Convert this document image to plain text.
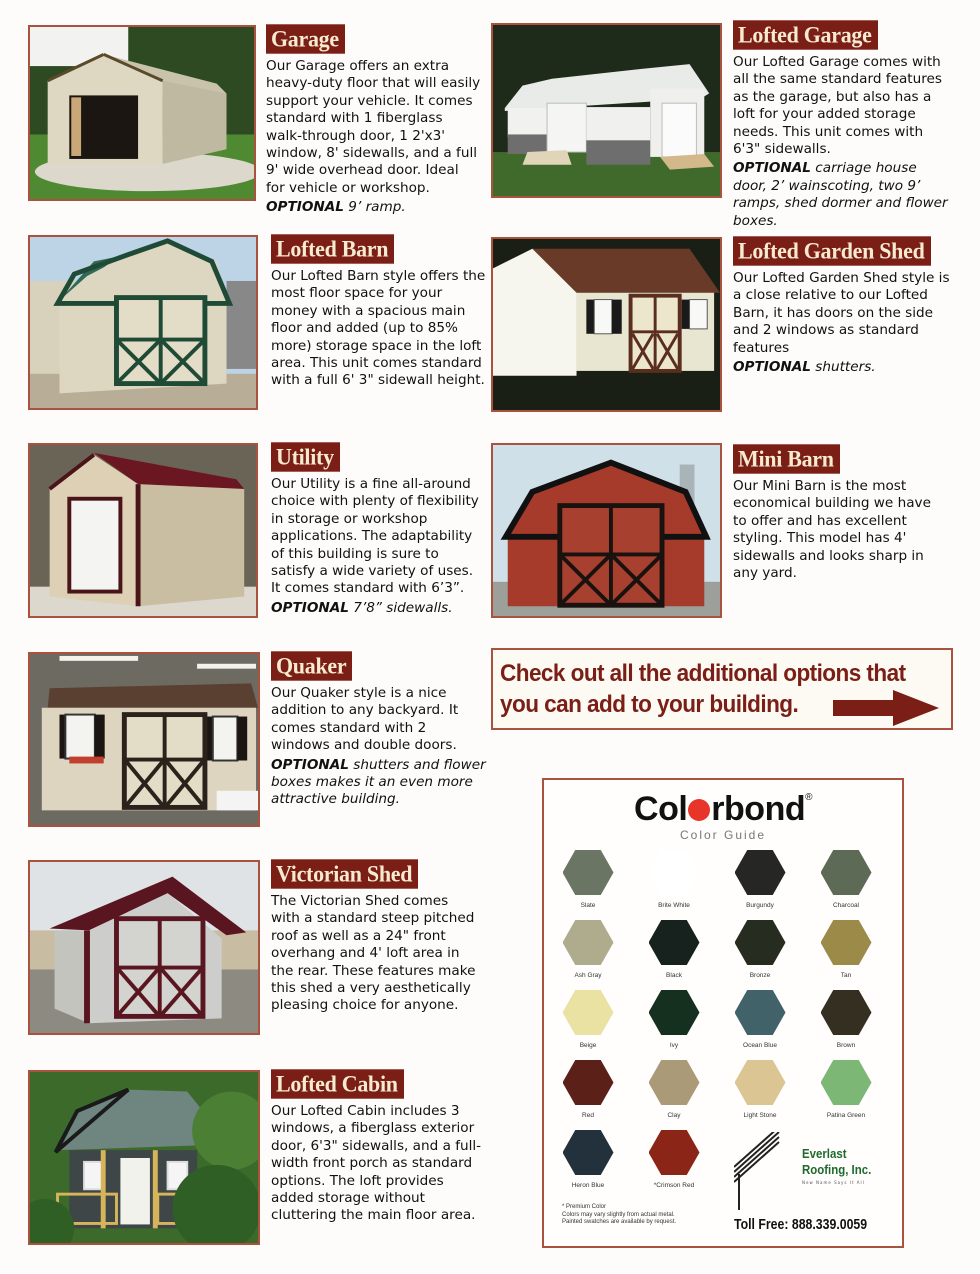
Garage
Our Garage offers an extra heavy-duty floor that will easily support your vehicle. It comes standard with 1 fiberglass walk-through door, 1 2'x3' window, 8' sidewalls, and a full 9' wide overhead door. Ideal for vehicle or workshop.
OPTIONAL 9’ ramp.
Lofted Garage
Our Lofted Garage comes with all the same standard features as the garage, but also has a loft for your added storage needs. This unit comes with 6'3" sidewalls.
OPTIONAL carriage house door, 2’ wainscoting, two 9’ ramps, shed dormer and flower boxes.
Lofted Barn
Our Lofted Barn style offers the most floor space for your money with a spacious main floor and added (up to 85% more) storage space in the loft area. This unit comes standard with a full 6' 3" sidewall height.
Lofted Garden Shed
Our Lofted Garden Shed style is a close relative to our Lofted Barn, it has doors on the side and 2 windows as standard features
OPTIONAL shutters.
Utility
Our Utility is a fine all-around choice with plenty of flexibility in storage or workshop applications. The adaptability of this building is sure to satisfy a wide variety of uses. It comes standard with 6’3”.
OPTIONAL 7’8” sidewalls.
Mini Barn
Our Mini Barn is the most economical building we have to offer and has excellent styling. This model has 4' sidewalls and looks sharp in any yard.
Quaker
Our Quaker style is a nice addition to any backyard. It comes standard with 2 windows and double doors.
OPTIONAL shutters and flower boxes makes it an even more attractive building.
Victorian Shed
The Victorian Shed comes with a standard steep pitched roof as well as a 24" front overhang and 4' loft area in the rear. These features make this shed a very aesthetically pleasing choice for anyone.
Lofted Cabin
Our Lofted Cabin includes 3 windows, a fiberglass exterior door, 6'3" sidewalls, and a full-width front porch as standard options. The loft provides added storage without cluttering the main floor area.
Check out all the additional options that
you can add to your building.
Col rbond®
Color Guide
Slate	Brite White	Burgundy	Charcoal
Ash Gray	Black	Bronze	Tan
Beige	Ivy	Ocean Blue	Brown
Red	Clay	Light Stone	Patina Green
Heron Blue	*Crimson Red
* Premium Color
Colors may vary slightly from actual metal.
Painted swatches are available by request.
Everlast
Roofing, Inc.
New Name Says It All
Toll Free: 888.339.0059
